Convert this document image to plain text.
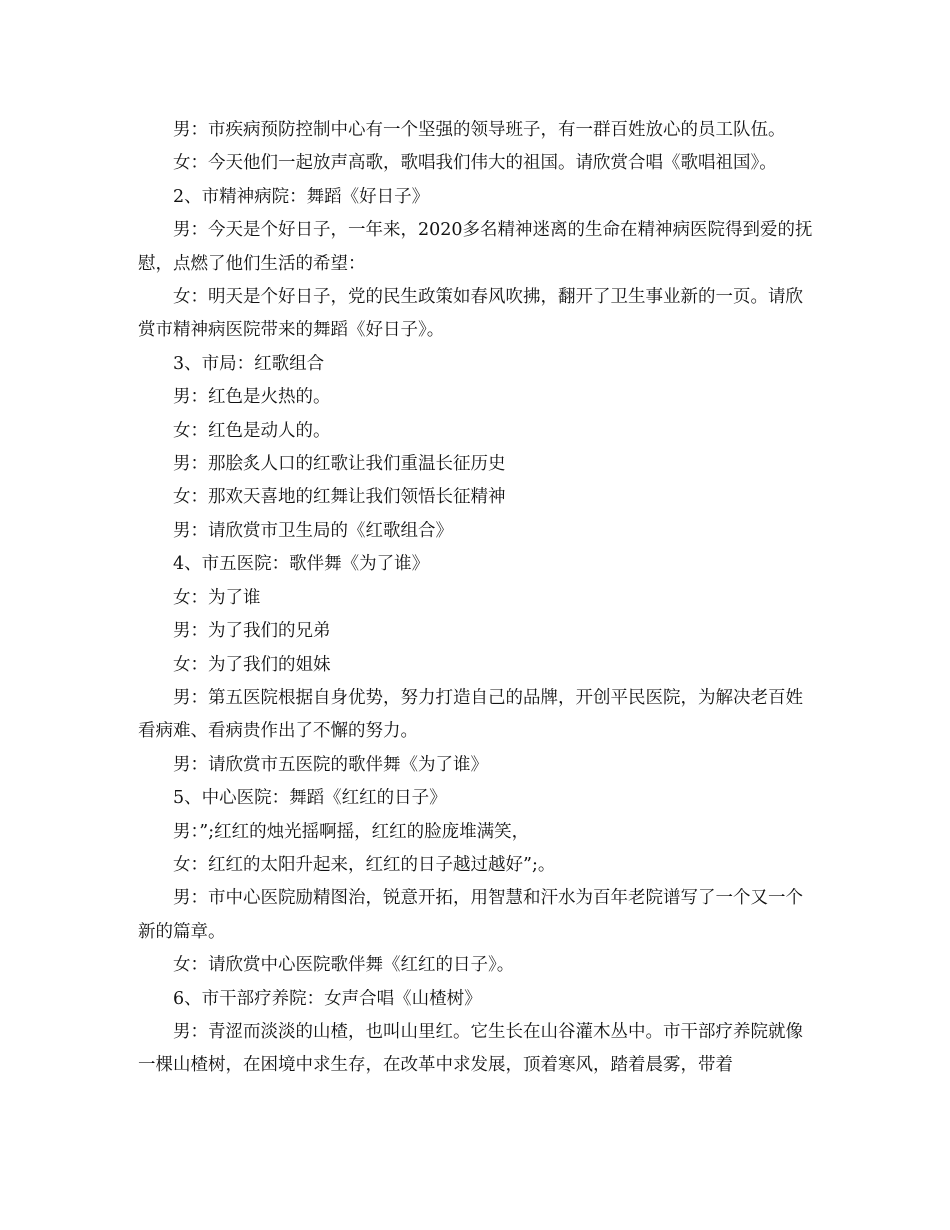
男：市疾病预防控制中心有一个坚强的领导班子，有一群百姓放心的员工队伍。

女：今天他们一起放声高歌，歌唱我们伟大的祖国。请欣赏合唱《歌唱祖国》。

2、市精神病院：舞蹈《好日子》

男：今天是个好日子，一年来，2020多名精神迷离的生命在精神病医院得到爱的抚慰，点燃了他们生活的希望：

女：明天是个好日子，党的民生政策如春风吹拂，翻开了卫生事业新的一页。请欣赏市精神病医院带来的舞蹈《好日子》。

3、市局：红歌组合

男：红色是火热的。

女：红色是动人的。

男：那脍炙人口的红歌让我们重温长征历史

女：那欢天喜地的红舞让我们领悟长征精神

男：请欣赏市卫生局的《红歌组合》

4、市五医院：歌伴舞《为了谁》

女：为了谁

男：为了我们的兄弟

女：为了我们的姐妹

男：第五医院根据自身优势，努力打造自己的品牌，开创平民医院，为解决老百姓看病难、看病贵作出了不懈的努力。

男：请欣赏市五医院的歌伴舞《为了谁》

5、中心医院：舞蹈《红红的日子》

男：”;红红的烛光摇啊摇，红红的脸庞堆满笑，

女：红红的太阳升起来，红红的日子越过越好”;。

男：市中心医院励精图治，锐意开拓，用智慧和汗水为百年老院谱写了一个又一个新的篇章。

女：请欣赏中心医院歌伴舞《红红的日子》。

6、市干部疗养院：女声合唱《山楂树》

男：青涩而淡淡的山楂，也叫山里红。它生长在山谷灌木丛中。市干部疗养院就像一棵山楂树，在困境中求生存，在改革中求发展，顶着寒风，踏着晨雾，带着
